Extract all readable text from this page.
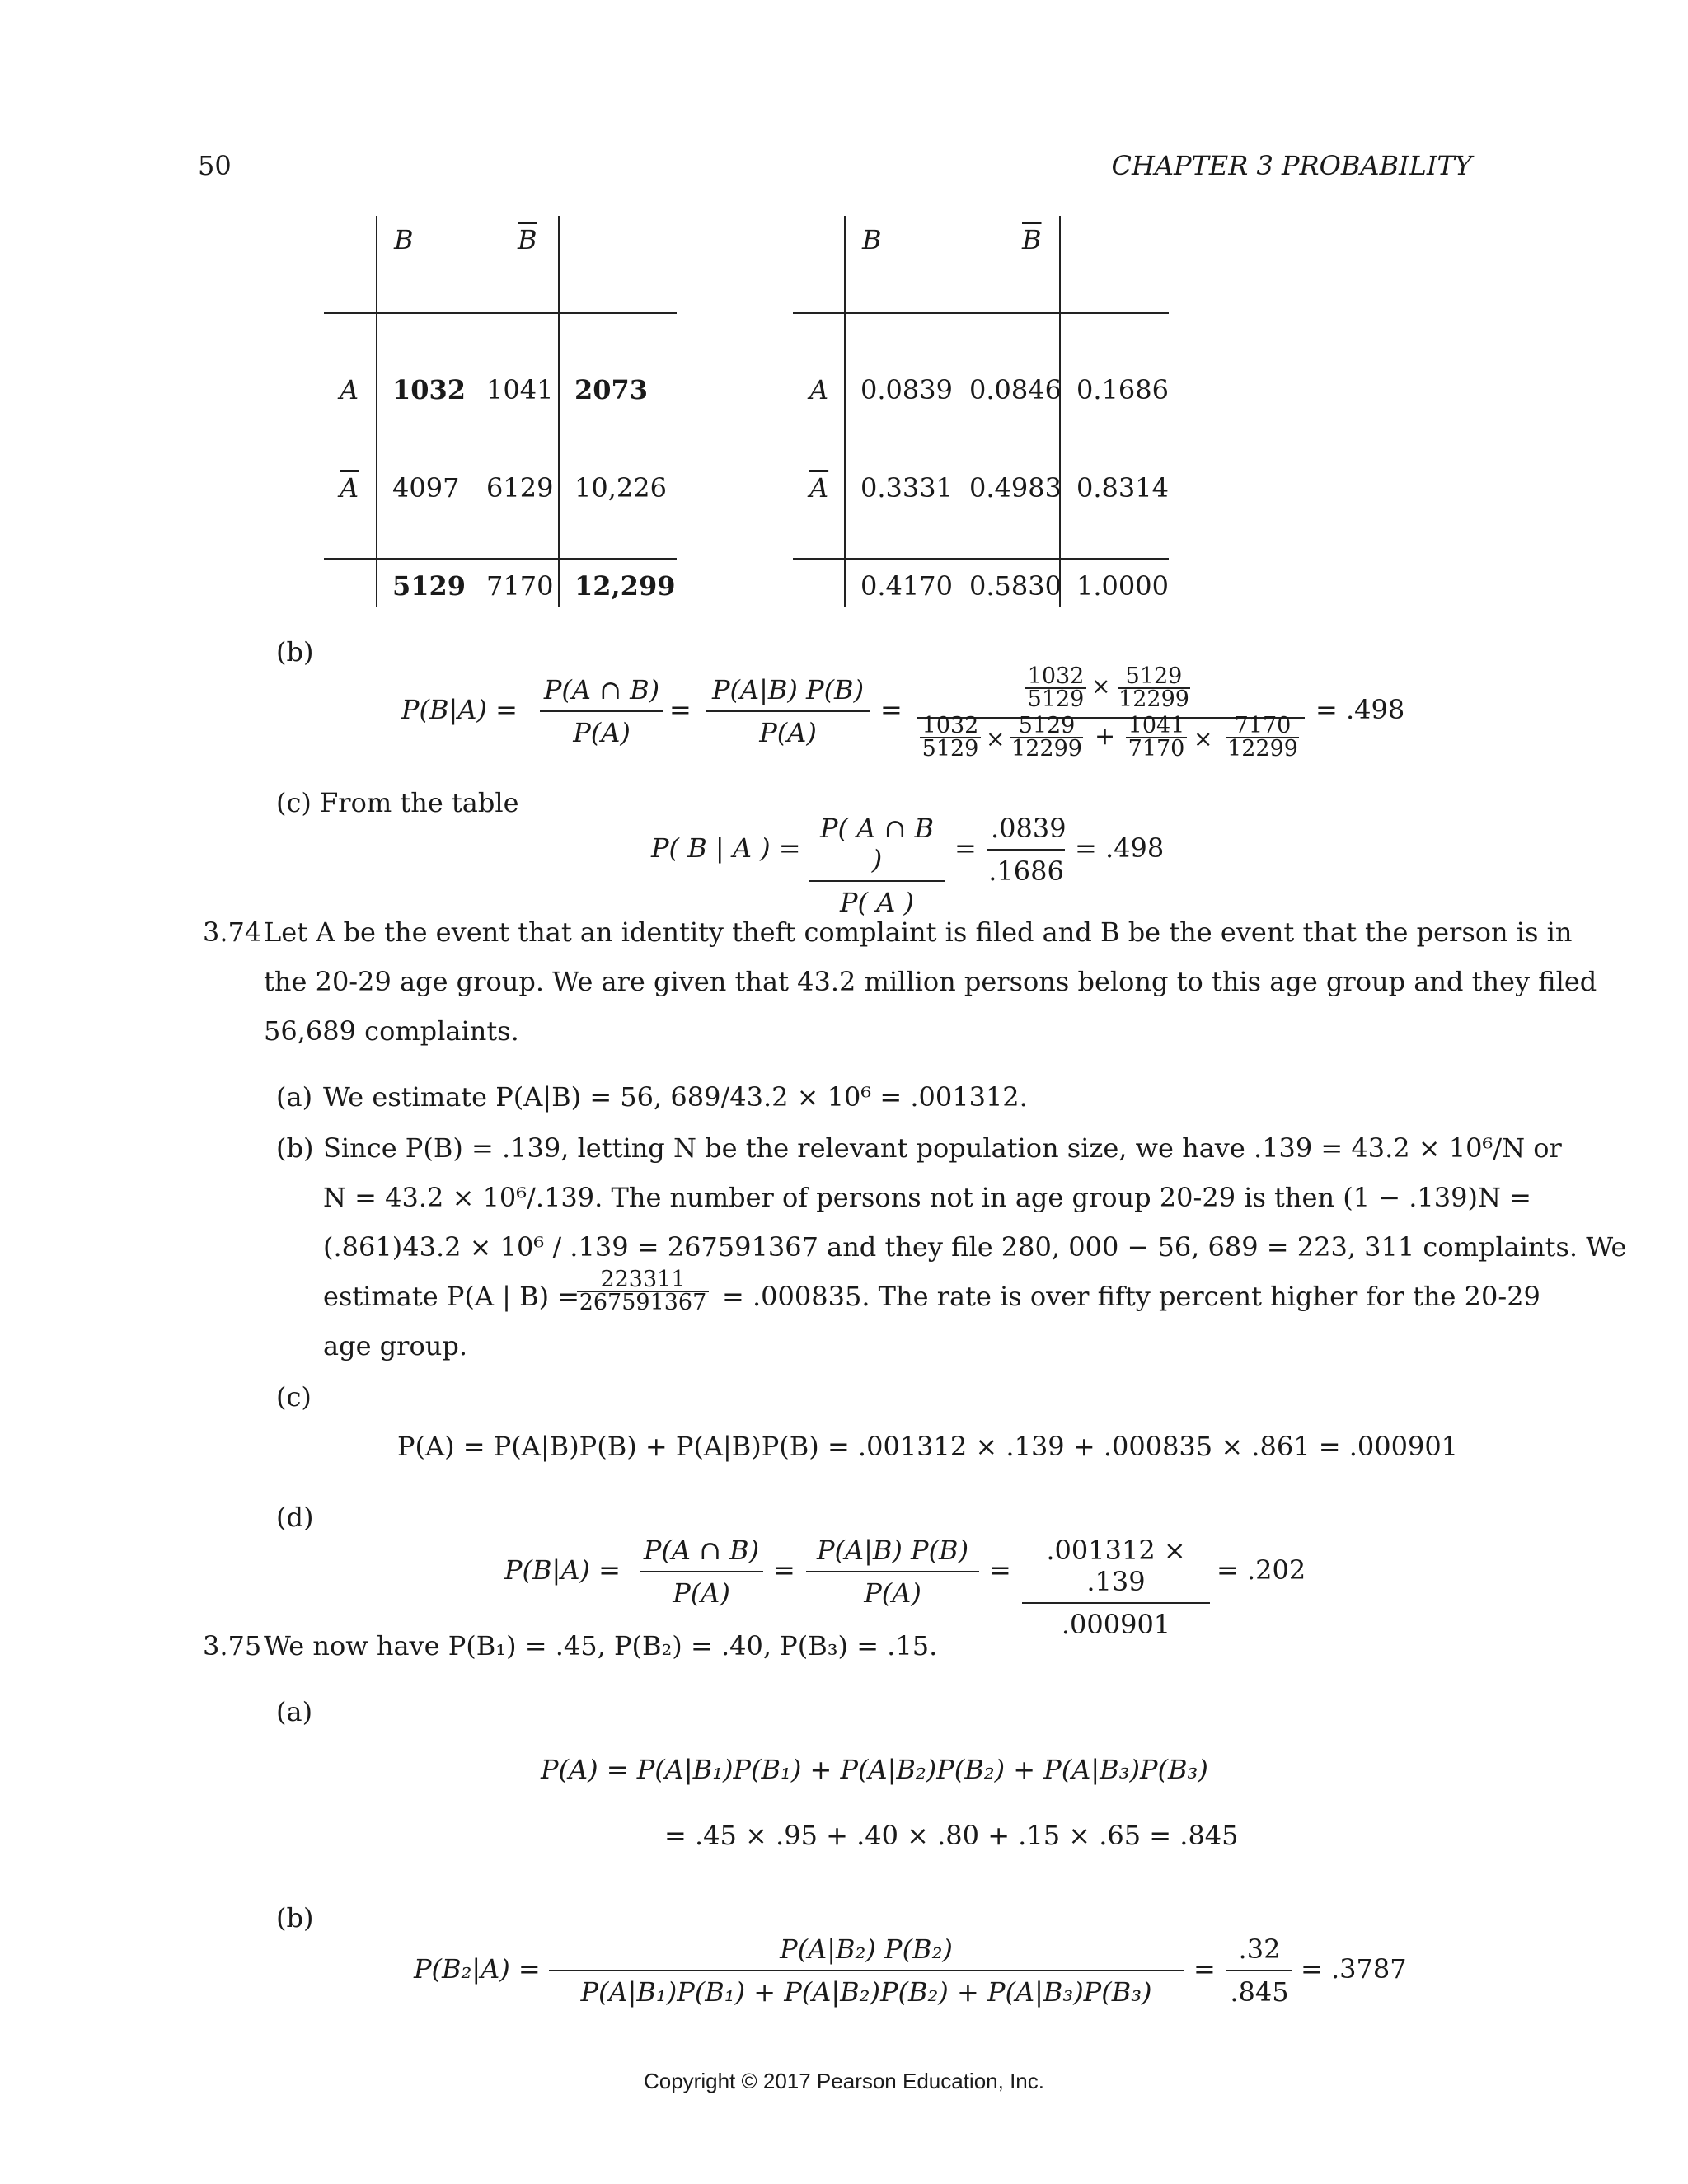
50	CHAPTER 3 PROBABILITY
B	$\overline{B}$
A 1032 1041 2073
$\overline{A}$ 4097 6129 10,226
5129 7170 12,299
B	$\overline{B}$
A 0.0839 0.0846 0.1686
$\overline{A}$ 0.3331 0.4983 0.8314
0.4170 0.5830 1.0000
(b)
$P(B|A) = \frac{P(A \cap B)}{P(A)} = \frac{P(A|B) P(B)}{P(A)}$ =	$\frac{1032}{5129} \times \frac{5129}{12299}$
$\frac{1032}{5129} \times \frac{5129}{12299} + \frac{1041}{7170} \times \frac{7170}{12299}$
= .498
(c) From the table
P( B | A ) = $\frac{P( A \cap B )}{P( A )} = \frac{.0839}{.1686} = .498$
3.74 Let A be the event that an identity theft complaint is filed and B be the event that the person is in
the 20-29 age group. We are given that 43.2 million persons belong to this age group and they filed
56,689 complaints.
(a) We estimate P(A|B) = 56, 689/43.2 × 10⁶ = .001312.
(b) Since P(B) = .139, letting N be the relevant population size, we have .139 = 43.2 × 10⁶/N or
N = 43.2 × 10⁶/.139. The number of persons not in age group 20-29 is then (1 − .139)N =
(.861)43.2 × 10⁶ / .139 = 267591367 and they file 280, 000 − 56, 689 = 223, 311 complaints. We
estimate P(A | B) =
$\frac{223311}{267591367} = .000835$. The rate is over fifty percent higher for the 20-29
age group.
(c)
P(A) = P(A|B)P(B) + P(A|B)P(B) = .001312 × .139 + .000835 × .861 = .000901
(d)
$P(B|A) = \frac{P(A \cap B)}{P(A)} = \frac{P(A|B) P(B)}{P(A)} = \frac{.001312 \times .139}{.000901} = .202$
3.75 We now have P(B₁) = .45, P(B₂) = .40, P(B₃) = .15.
(a)
P(A) = P(A|B₁)P(B₁) + P(A|B₂)P(B₂) + P(A|B₃)P(B₃)
= .45 × .95 + .40 × .80 + .15 × .65 = .845
(b)
$P(B_2|A) = \frac{\text{P(A|B₂) P(B₂)}}{\text{P(A|B₁)P(B₁) + P(A|B₂)P(B₂) + P(A|B₃)P(B₃)}} = \frac{.32}{.845} = .3787$
Copyright © 2017 Pearson Education, Inc.
